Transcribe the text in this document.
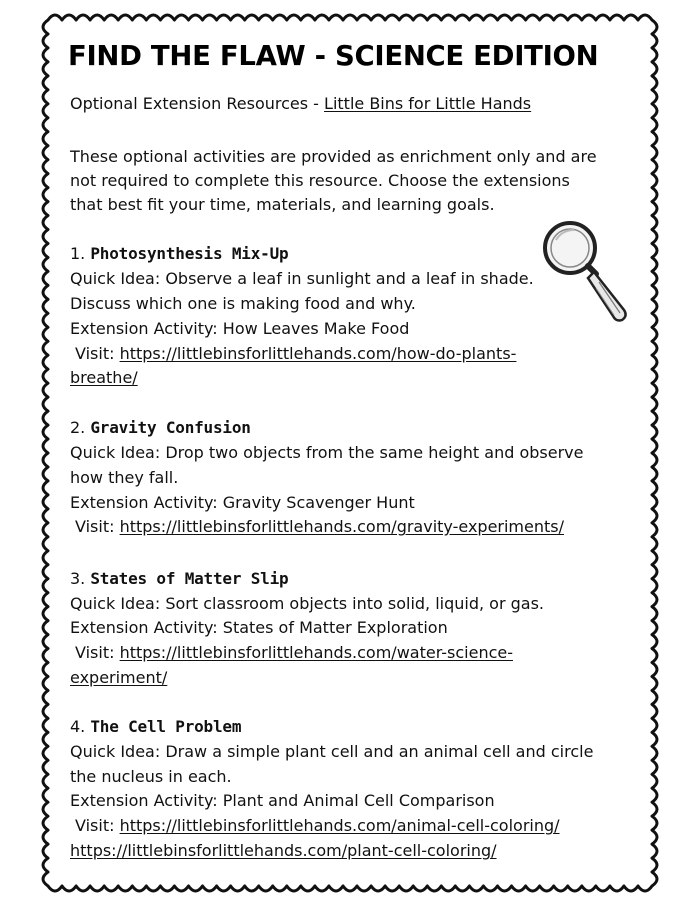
FIND THE FLAW - SCIENCE EDITION
Optional Extension Resources - Little Bins for Little Hands
These optional activities are provided as enrichment only and are
not required to complete this resource. Choose the extensions
that best fit your time, materials, and learning goals.
1. Photosynthesis Mix-Up
Quick Idea: Observe a leaf in sunlight and a leaf in shade.
Discuss which one is making food and why.
Extension Activity: How Leaves Make Food
Visit: https://littlebinsforlittlehands.com/how-do-plants-
breathe/
2. Gravity Confusion
Quick Idea: Drop two objects from the same height and observe
how they fall.
Extension Activity: Gravity Scavenger Hunt
Visit: https://littlebinsforlittlehands.com/gravity-experiments/
3. States of Matter Slip
Quick Idea: Sort classroom objects into solid, liquid, or gas.
Extension Activity: States of Matter Exploration
Visit: https://littlebinsforlittlehands.com/water-science-
experiment/
4. The Cell Problem
Quick Idea: Draw a simple plant cell and an animal cell and circle
the nucleus in each.
Extension Activity: Plant and Animal Cell Comparison
Visit: https://littlebinsforlittlehands.com/animal-cell-coloring/
https://littlebinsforlittlehands.com/plant-cell-coloring/
